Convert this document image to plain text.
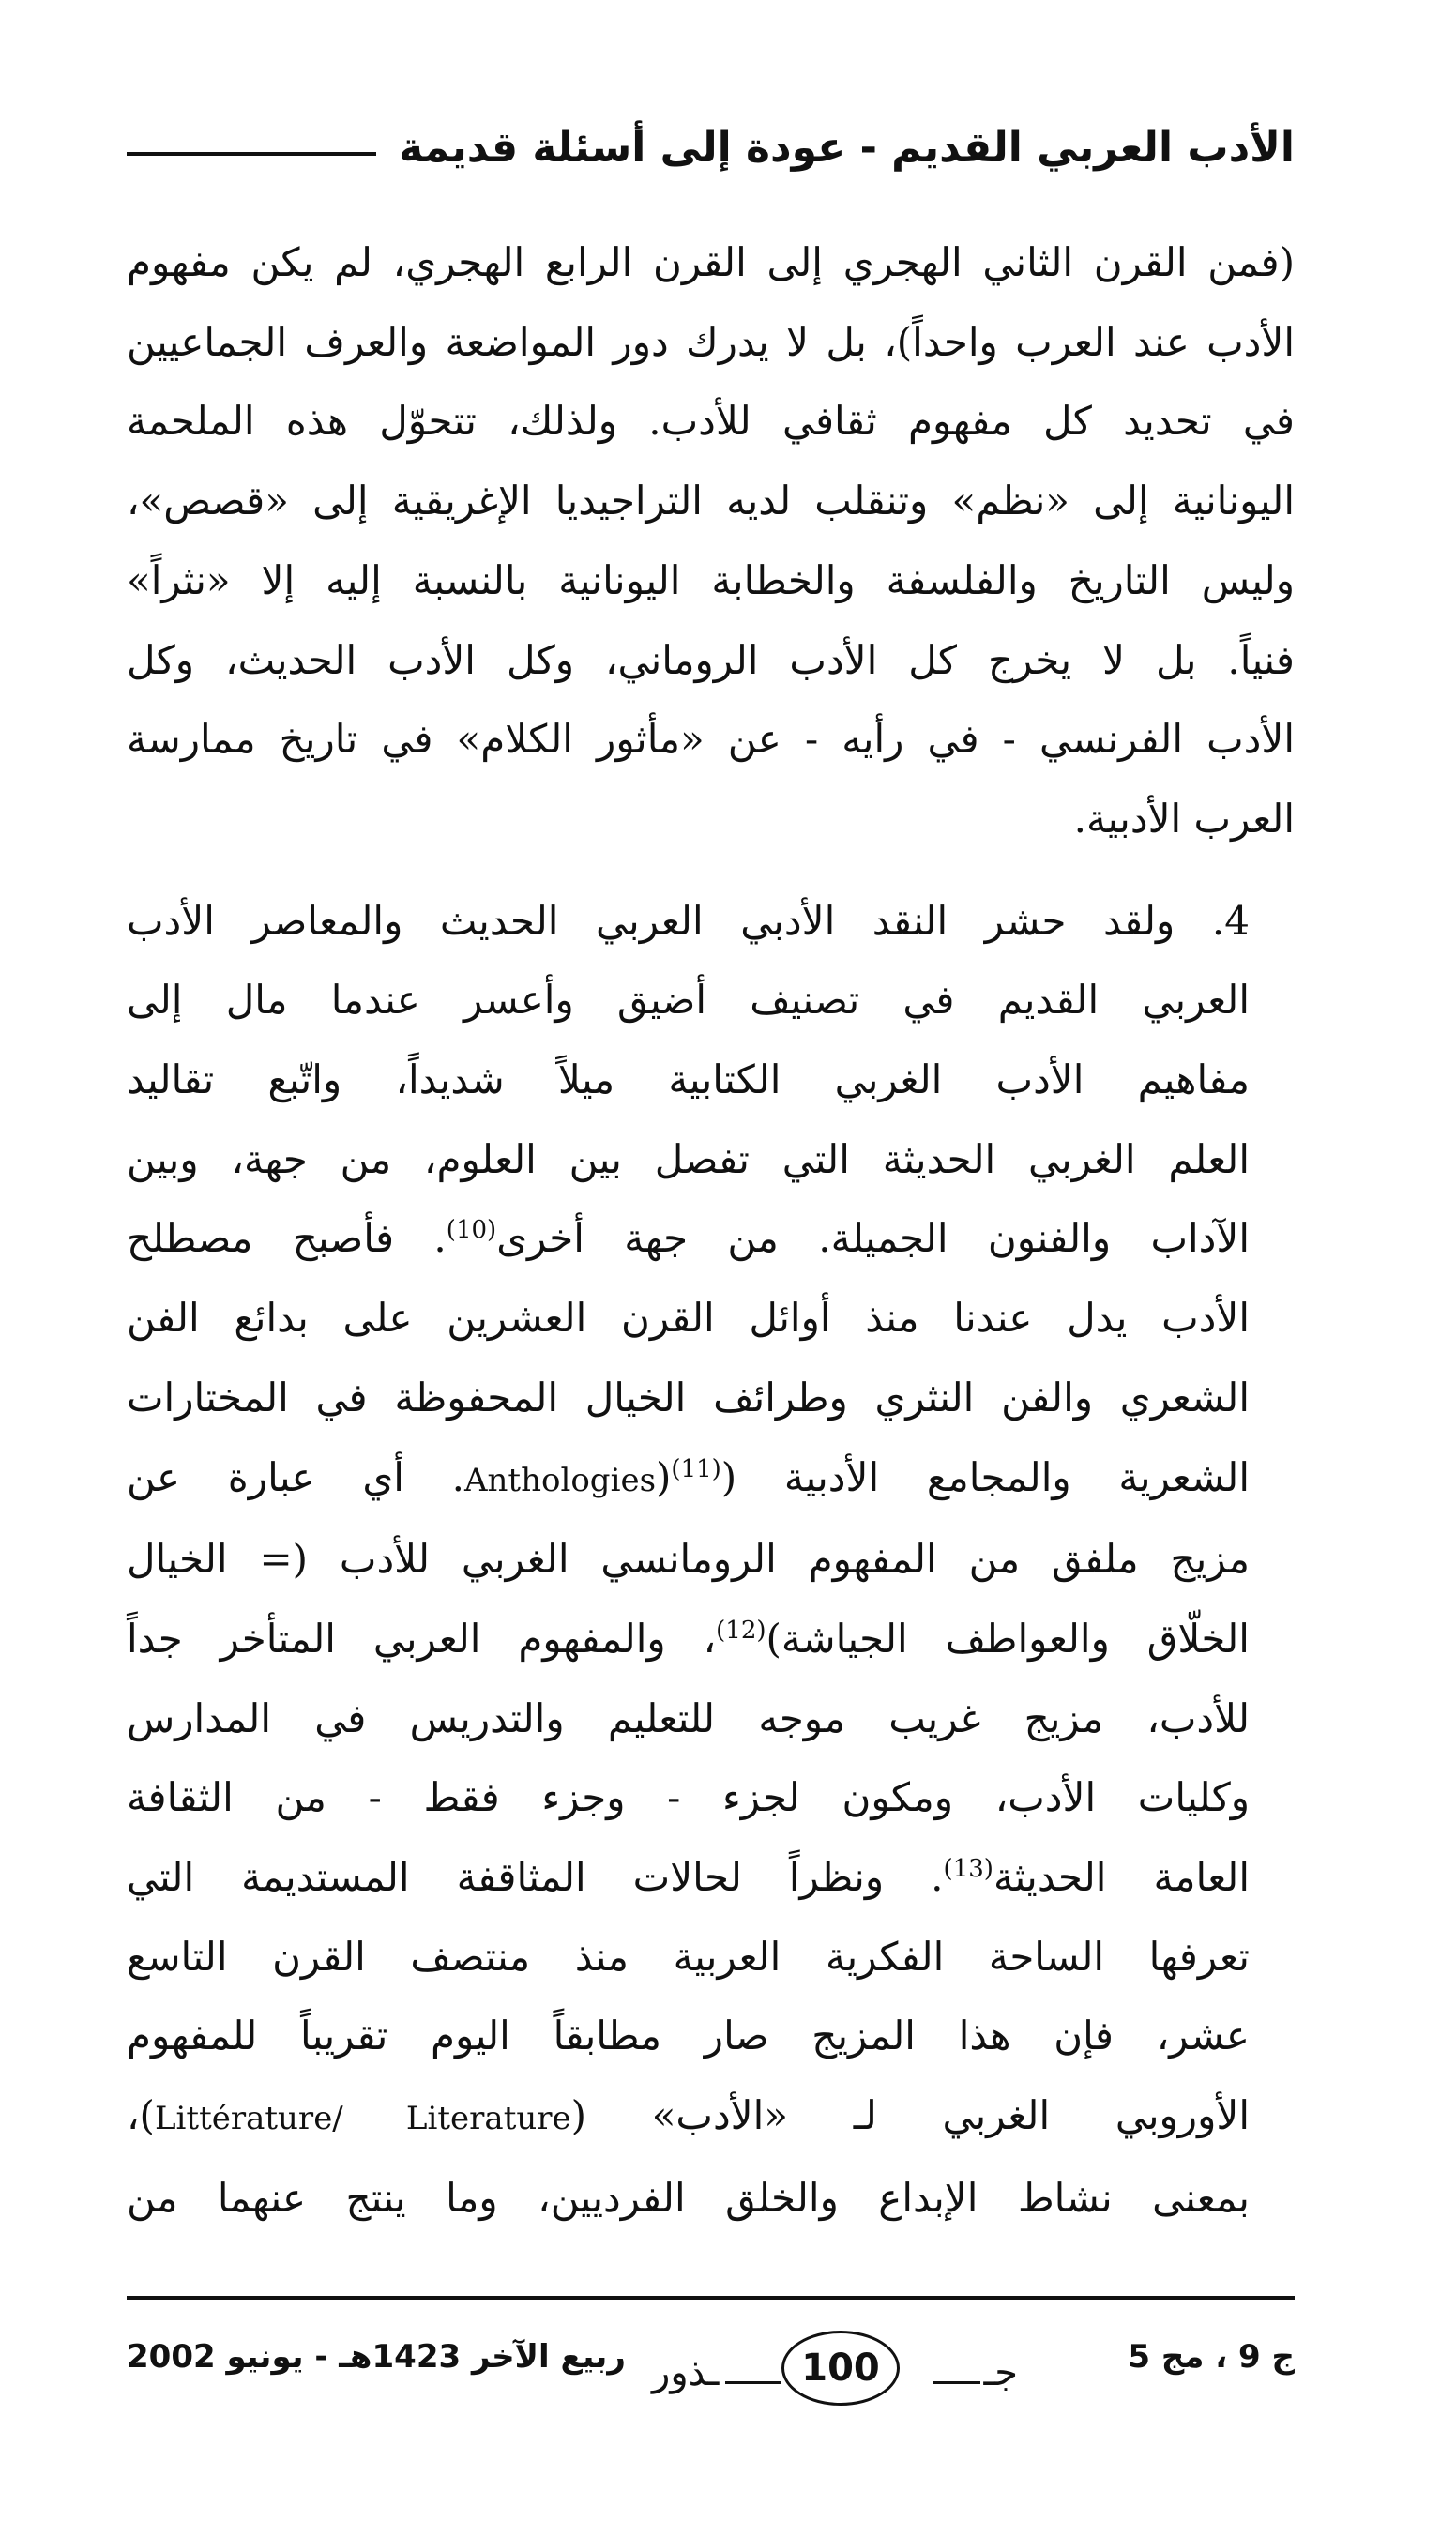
الأدب العربي القديم - عودة إلى أسئلة قديمة

(فمن القرن الثاني الهجري إلى القرن الرابع الهجري، لم يكن مفهوم
الأدب عند العرب واحداً)، بل لا يدرك دور المواضعة والعرف الجماعيين
في تحديد كل مفهوم ثقافي للأدب. ولذلك، تتحوّل هذه الملحمة
اليونانية إلى «نظم» وتنقلب لديه التراجيديا الإغريقية إلى «قصص»،
وليس التاريخ والفلسفة والخطابة اليونانية بالنسبة إليه إلا «نثراً»
فنياً. بل لا يخرج كل الأدب الروماني، وكل الأدب الحديث، وكل
الأدب الفرنسي - في رأيه - عن «مأثور الكلام» في تاريخ ممارسة
العرب الأدبية.

4. ولقد حشر النقد الأدبي العربي الحديث والمعاصر الأدب
العربي القديم في تصنيف أضيق وأعسر عندما مال إلى
مفاهيم الأدب الغربي الكتابية ميلاً شديداً، واتّبع تقاليد
العلم الغربي الحديثة التي تفصل بين العلوم، من جهة، وبين
الآداب والفنون الجميلة. من جهة أخرى$^{(10)}$. فأصبح مصطلح
الأدب يدل عندنا منذ أوائل القرن العشرين على بدائع الفن
الشعري والفن النثري وطرائف الخيال المحفوظة في المختارات
الشعرية والمجامع الأدبية (Anthologies)$^{(11)}$. أي عبارة عن
مزيج ملفق من المفهوم الرومانسي الغربي للأدب (= الخيال
الخلّاق والعواطف الجياشة)$^{(12)}$، والمفهوم العربي المتأخر جداً
للأدب، مزيج غريب موجه للتعليم والتدريس في المدارس
وكليات الأدب، ومكون لجزء - وجزء فقط - من الثقافة
العامة الحديثة$^{(13)}$. ونظراً لحالات المثاقفة المستديمة التي
تعرفها الساحة الفكرية العربية منذ منتصف القرن التاسع
عشر، فإن هذا المزيج صار مطابقاً اليوم تقريباً للمفهوم
الأوروبي الغربي لـ «الأدب» (Littérature/ Literature)،
بمعنى نشاط الإبداع والخلق الفرديين، وما ينتج عنهما من

ج 9 ، مج 5
جـ
100
ـذور
ربيع الآخر 1423هـ - يونيو 2002
